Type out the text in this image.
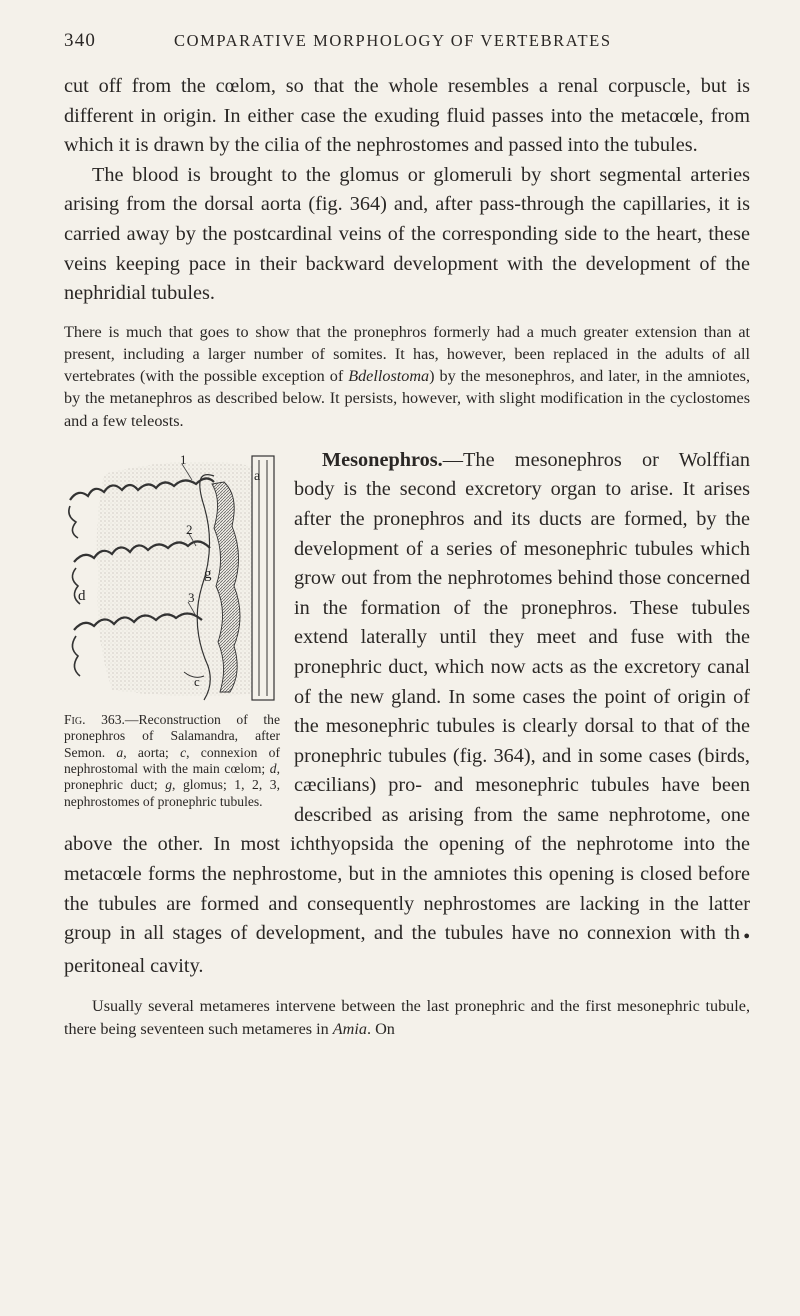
340	COMPARATIVE MORPHOLOGY OF VERTEBRATES

cut off from the cœlom, so that the whole resembles a renal corpuscle, but is different in origin. In either case the exuding fluid passes into the metacœle, from which it is drawn by the cilia of the nephrostomes and passed into the tubules.

The blood is brought to the glomus or glomeruli by short segmental arteries arising from the dorsal aorta (fig. 364) and, after pass-through the capillaries, it is carried away by the postcardinal veins of the corresponding side to the heart, these veins keeping pace in their backward development with the development of the nephridial tubules.

There is much that goes to show that the pronephros formerly had a much greater extension than at present, including a larger number of somites. It has, however, been replaced in the adults of all vertebrates (with the possible exception of Bdellostoma) by the mesonephros, and later, in the amniotes, by the metanephros as described below. It persists, however, with slight modification in the cyclostomes and a few teleosts.

1
2
3
a
g
d
c
Fig. 363.—Reconstruction of the pronephros of Salamandra, after Semon. a, aorta; c, connexion of nephrostomal with the main cœlom; d, pronephric duct; g, glomus; 1, 2, 3, nephrostomes of pronephric tubules.

Mesonephros.—The mesonephros or Wolffian body is the second excretory organ to arise. It arises after the pronephros and its ducts are formed, by the development of a series of mesonephric tubules which grow out from the nephrotomes behind those concerned in the formation of the pronephros. These tubules extend laterally until they meet and fuse with the pronephric duct, which now acts as the excretory canal of the new gland. In some cases the point of origin of the mesonephric tubules is clearly dorsal to that of the pronephric tubules (fig. 364), and in some cases (birds, cæcilians) pro- and mesonephric tubules have been described as arising from the same nephrotome, one above the other. In most ichthyopsida the opening of the nephrotome into the metacœle forms the nephrostome, but in the amniotes this opening is closed before the tubules are formed and consequently nephrostomes are lacking in the latter group in all stages of development, and the tubules have no connexion with th● peritoneal cavity.

Usually several metameres intervene between the last pronephric and the first mesonephric tubule, there being seventeen such metameres in Amia. On
